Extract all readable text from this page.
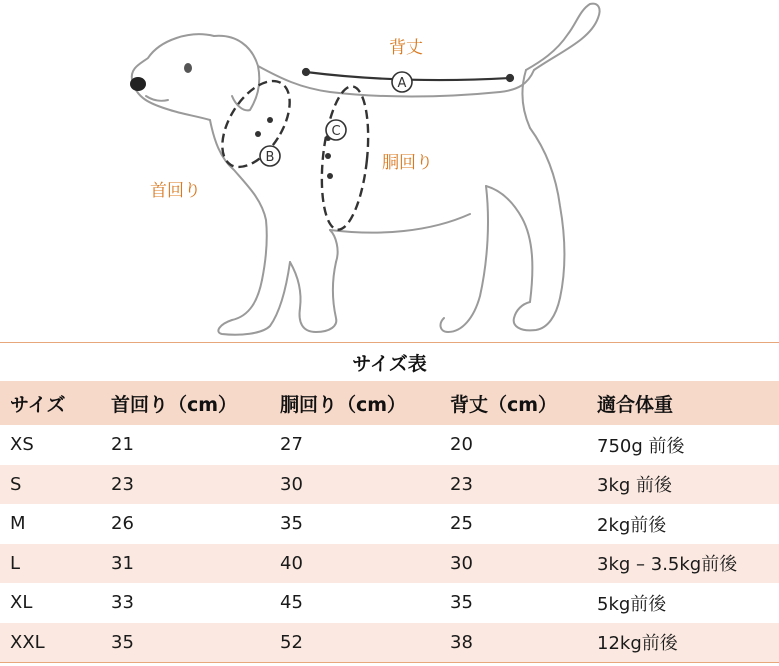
A
B
C
背丈
首回り
胴回り
サイズ表
サイズ	首回り（cm）	胴回り（cm）	背丈（cm）	適合体重
XS	21	27	20	750g 前後
S	23	30	23	3kg 前後
M	26	35	25	2kg前後
L	31	40	30	3kg – 3.5kg前後
XL	33	45	35	5kg前後
XXL	35	52	38	12kg前後
